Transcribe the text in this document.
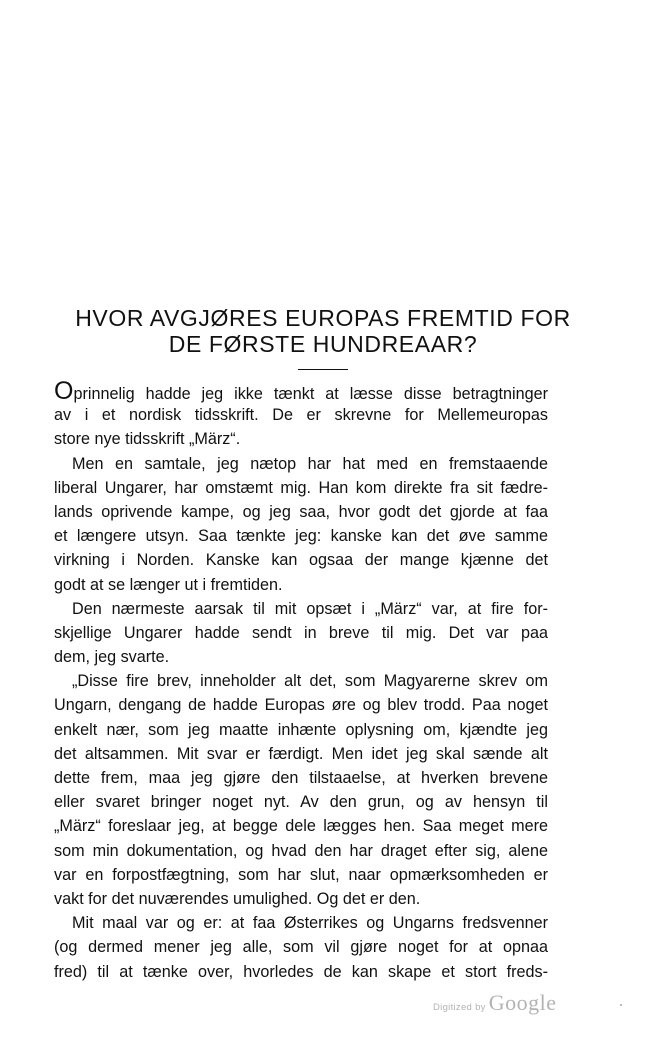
HVOR AVGJØRES EUROPAS FREMTID FOR
DE FØRSTE HUNDREAAR?
Oprinnelig hadde jeg ikke tænkt at læsse disse betragtninger
av i et nordisk tidsskrift. De er skrevne for Mellemeuropas
store nye tidsskrift „März“.
Men en samtale, jeg nætop har hat med en fremstaaende
liberal Ungarer, har omstæmt mig. Han kom direkte fra sit fædre-
lands oprivende kampe, og jeg saa, hvor godt det gjorde at faa
et længere utsyn. Saa tænkte jeg: kanske kan det øve samme
virkning i Norden. Kanske kan ogsaa der mange kjænne det
godt at se længer ut i fremtiden.
Den nærmeste aarsak til mit opsæt i „März“ var, at fire for-
skjellige Ungarer hadde sendt in breve til mig. Det var paa
dem, jeg svarte.
„Disse fire brev, inneholder alt det, som Magyarerne skrev om
Ungarn, dengang de hadde Europas øre og blev trodd. Paa noget
enkelt nær, som jeg maatte inhænte oplysning om, kjændte jeg
det altsammen. Mit svar er færdigt. Men idet jeg skal sænde alt
dette frem, maa jeg gjøre den tilstaaelse, at hverken brevene
eller svaret bringer noget nyt. Av den grun, og av hensyn til
„März“ foreslaar jeg, at begge dele lægges hen. Saa meget mere
som min dokumentation, og hvad den har draget efter sig, alene
var en forpostfægtning, som har slut, naar opmærksomheden er
vakt for det nuværendes umulighed. Og det er den.
Mit maal var og er: at faa Østerrikes og Ungarns fredsvenner
(og dermed mener jeg alle, som vil gjøre noget for at opnaa
fred) til at tænke over, hvorledes de kan skape et stort freds-
Digitized by Google
